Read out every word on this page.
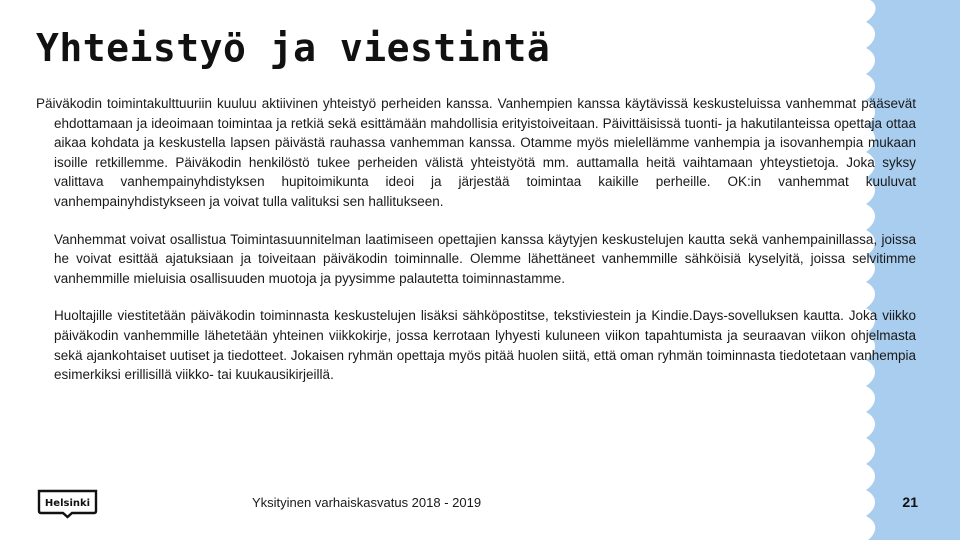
Yhteistyö ja viestintä

Päiväkodin toimintakulttuuriin kuuluu aktiivinen yhteistyö perheiden kanssa. Vanhempien kanssa käytävissä keskusteluissa vanhemmat pääsevät ehdottamaan ja ideoimaan toimintaa ja retkiä sekä esittämään mahdollisia erityistoiveitaan. Päivittäisissä tuonti- ja hakutilanteissa opettaja ottaa aikaa kohdata ja keskustella lapsen päivästä rauhassa vanhemman kanssa. Otamme myös mielellämme vanhempia ja isovanhempia mukaan isoille retkillemme. Päiväkodin henkilöstö tukee perheiden välistä yhteistyötä mm. auttamalla heitä vaihtamaan yhteystietoja. Joka syksy valittava vanhempainyhdistyksen hupitoimikunta ideoi ja järjestää toimintaa kaikille perheille. OK:in vanhemmat kuuluvat vanhempainyhdistykseen ja voivat tulla valituksi sen hallitukseen.

Vanhemmat voivat osallistua Toimintasuunnitelman laatimiseen opettajien kanssa käytyjen keskustelujen kautta sekä vanhempainillassa, joissa he voivat esittää ajatuksiaan ja toiveitaan päiväkodin toiminnalle. Olemme lähettäneet vanhemmille sähköisiä kyselyitä, joissa selvitimme vanhemmille mieluisia osallisuuden muotoja ja pyysimme palautetta toiminnastamme.

Huoltajille viestitetään päiväkodin toiminnasta keskustelujen lisäksi sähköpostitse, tekstiviestein ja Kindie.Days-sovelluksen kautta. Joka viikko päiväkodin vanhemmille lähetetään yhteinen viikkokirje, jossa kerrotaan lyhyesti kuluneen viikon tapahtumista ja seuraavan viikon ohjelmasta sekä ajankohtaiset uutiset ja tiedotteet. Jokaisen ryhmän opettaja myös pitää huolen siitä, että oman ryhmän toiminnasta tiedotetaan vanhempia esimerkiksi erillisillä viikko- tai kuukausikirjeillä.

Helsinki	Yksityinen varhaiskasvatus 2018 - 2019	21
